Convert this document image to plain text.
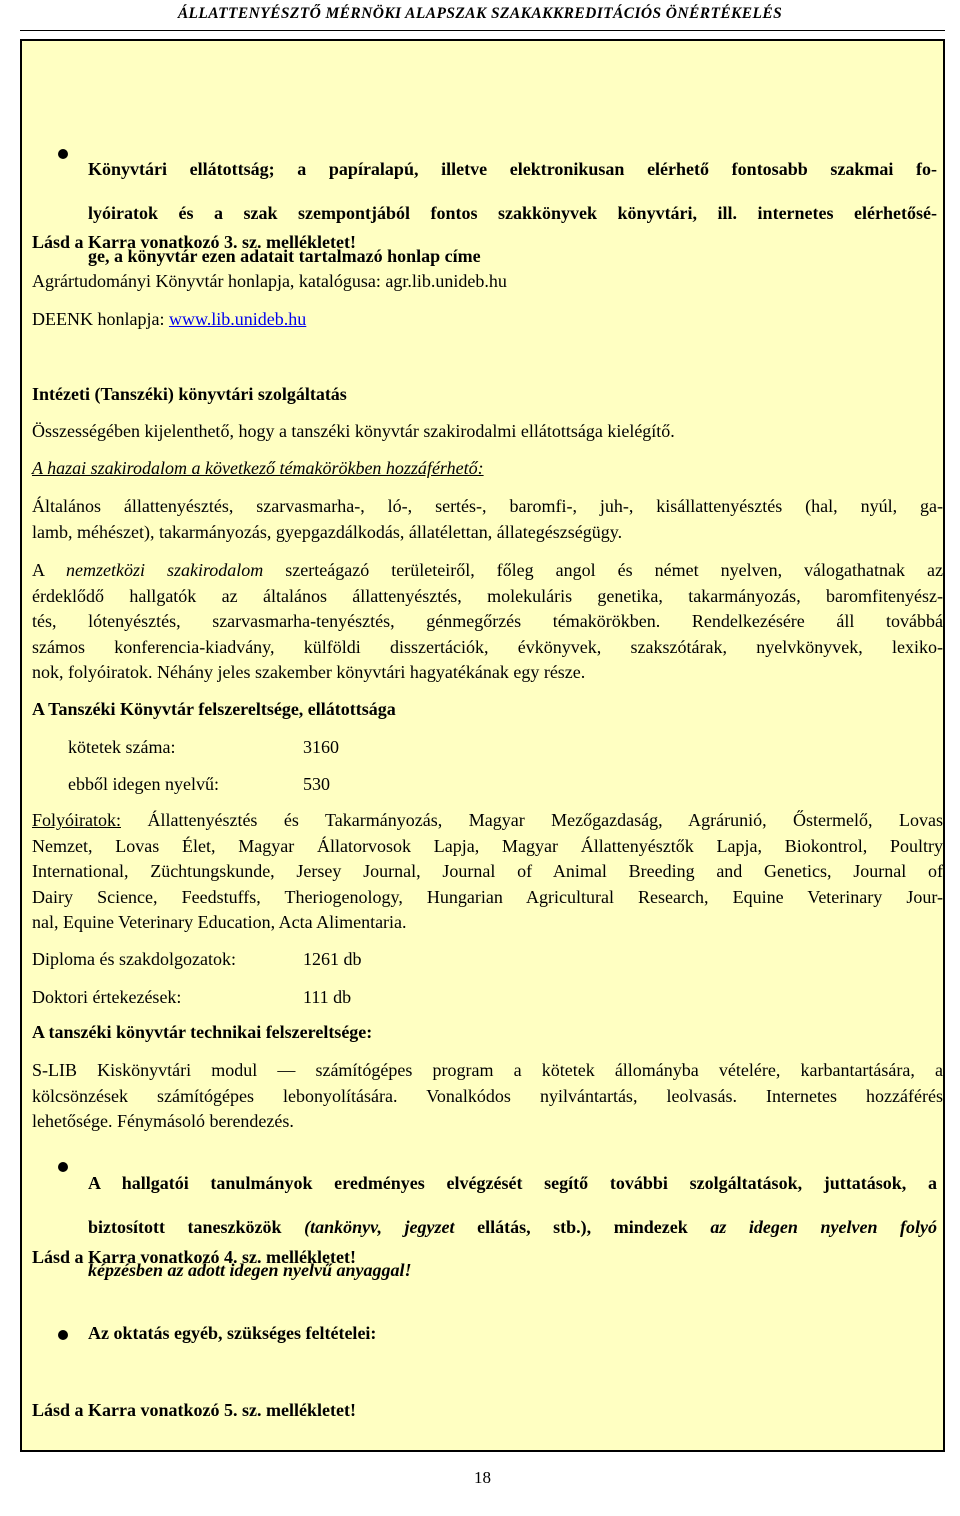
ÁLLATTENYÉSZTŐ MÉRNÖKI ALAPSZAK SZAKAKKREDITÁCIÓS ÖNÉRTÉKELÉS

Könyvtári ellátottság; a papíralapú, illetve elektronikusan elérhető fontosabb szakmai fo-

lyóiratok és a szak szempontjából fontos szakkönyvek könyvtári, ill. internetes elérhetősé-

ge, a könyvtár ezen adatait tartalmazó honlap címe

Lásd a Karra vonatkozó 3. sz. mellékletet!
Agrártudományi Könyvtár honlapja, katalógusa: agr.lib.unideb.hu
DEENK honlapja: www.lib.unideb.hu
Intézeti (Tanszéki) könyvtári szolgáltatás
Összességében kijelenthető, hogy a tanszéki könyvtár szakirodalmi ellátottsága kielégítő.
A hazai szakirodalom a következő témakörökben hozzáférhető:

Általános állattenyésztés, szarvasmarha-, ló-, sertés-, baromfi-, juh-, kisállattenyésztés (hal, nyúl, ga-

lamb, méhészet), takarmányozás, gyepgazdálkodás, állatélettan, állategészségügy.

A nemzetközi szakirodalom szerteágazó területeiről, főleg angol és német nyelven, válogathatnak az

érdeklődő hallgatók az általános állattenyésztés, molekuláris genetika, takarmányozás, baromfitenyész-

tés, lótenyésztés, szarvasmarha-tenyésztés, génmegőrzés témakörökben. Rendelkezésére áll továbbá

számos konferencia-kiadvány, külföldi disszertációk, évkönyvek, szakszótárak, nyelvkönyvek, lexiko-

nok, folyóiratok. Néhány jeles szakember könyvtári hagyatékának egy része.

A Tanszéki Könyvtár felszereltsége, ellátottsága
kötetek száma:	3160
ebből idegen nyelvű:	530

Folyóiratok: Állattenyésztés és Takarmányozás, Magyar Mezőgazdaság, Agrárunió, Őstermelő, Lovas

Nemzet, Lovas Élet, Magyar Állatorvosok Lapja, Magyar Állattenyésztők Lapja, Biokontrol, Poultry

International, Züchtungskunde, Jersey Journal, Journal of Animal Breeding and Genetics, Journal of

Dairy Science, Feedstuffs, Theriogenology, Hungarian Agricultural Research, Equine Veterinary Jour-

nal, Equine Veterinary Education, Acta Alimentaria.

Diploma és szakdolgozatok:	1261 db
Doktori értekezések:	111 db
A tanszéki könyvtár technikai felszereltsége:

S-LIB Kiskönyvtári modul — számítógépes program a kötetek állományba vételére, karbantartására, a

kölcsönzések számítógépes lebonyolítására. Vonalkódos nyilvántartás, leolvasás. Internetes hozzáférés

lehetősége. Fénymásoló berendezés.

A hallgatói tanulmányok eredményes elvégzését segítő további szolgáltatások, juttatások, a

biztosított taneszközök (tankönyv, jegyzet ellátás, stb.), mindezek az idegen nyelven folyó

képzésben az adott idegen nyelvű anyaggal!

Lásd a Karra vonatkozó 4. sz. mellékletet!
Az oktatás egyéb, szükséges feltételei:
Lásd a Karra vonatkozó 5. sz. mellékletet!
18
